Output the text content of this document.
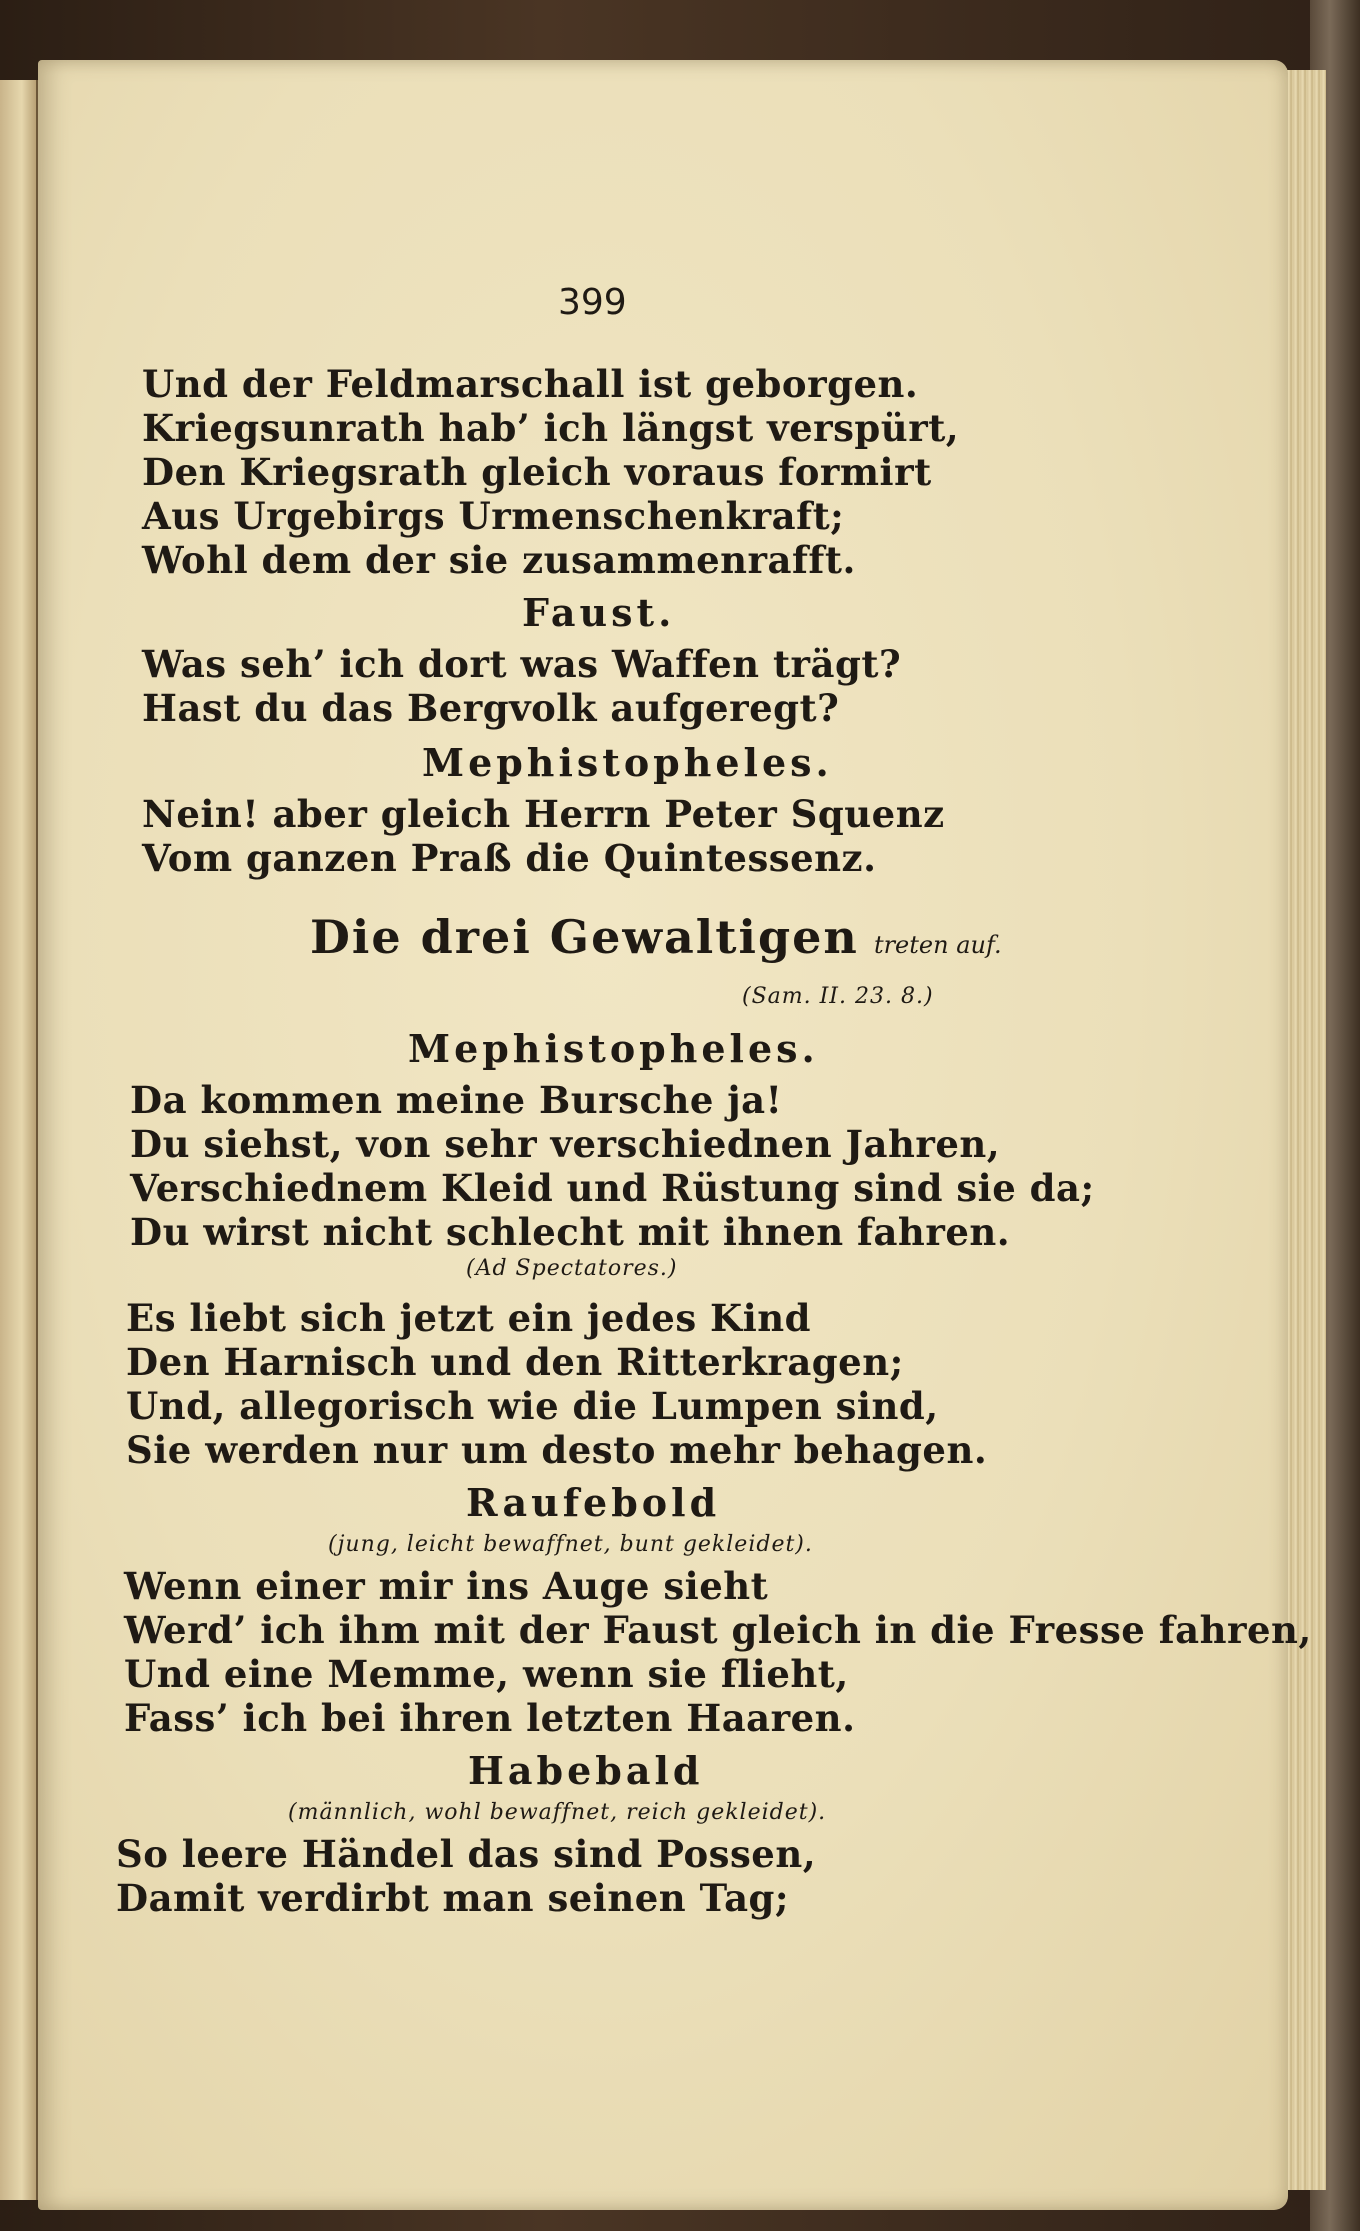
399
Und der Feldmarschall ist geborgen.
Kriegsunrath hab’ ich längst verspürt,
Den Kriegsrath gleich voraus formirt
Aus Urgebirgs Urmenschenkraft;
Wohl dem der sie zusammenrafft.
Faust.
Was seh’ ich dort was Waffen trägt?
Hast du das Bergvolk aufgeregt?
Mephistopheles.
Nein! aber gleich Herrn Peter Squenz
Vom ganzen Praß die Quintessenz.
Die drei Gewaltigen treten auf.
(Sam. II. 23. 8.)
Mephistopheles.
Da kommen meine Bursche ja!
Du siehst, von sehr verschiednen Jahren,
Verschiednem Kleid und Rüstung sind sie da;
Du wirst nicht schlecht mit ihnen fahren.
(Ad Spectatores.)
Es liebt sich jetzt ein jedes Kind
Den Harnisch und den Ritterkragen;
Und, allegorisch wie die Lumpen sind,
Sie werden nur um desto mehr behagen.
Raufebold
(jung, leicht bewaffnet, bunt gekleidet).
Wenn einer mir ins Auge sieht
Werd’ ich ihm mit der Faust gleich in die Fresse fahren,
Und eine Memme, wenn sie flieht,
Fass’ ich bei ihren letzten Haaren.
Habebald
(männlich, wohl bewaffnet, reich gekleidet).
So leere Händel das sind Possen,
Damit verdirbt man seinen Tag;
